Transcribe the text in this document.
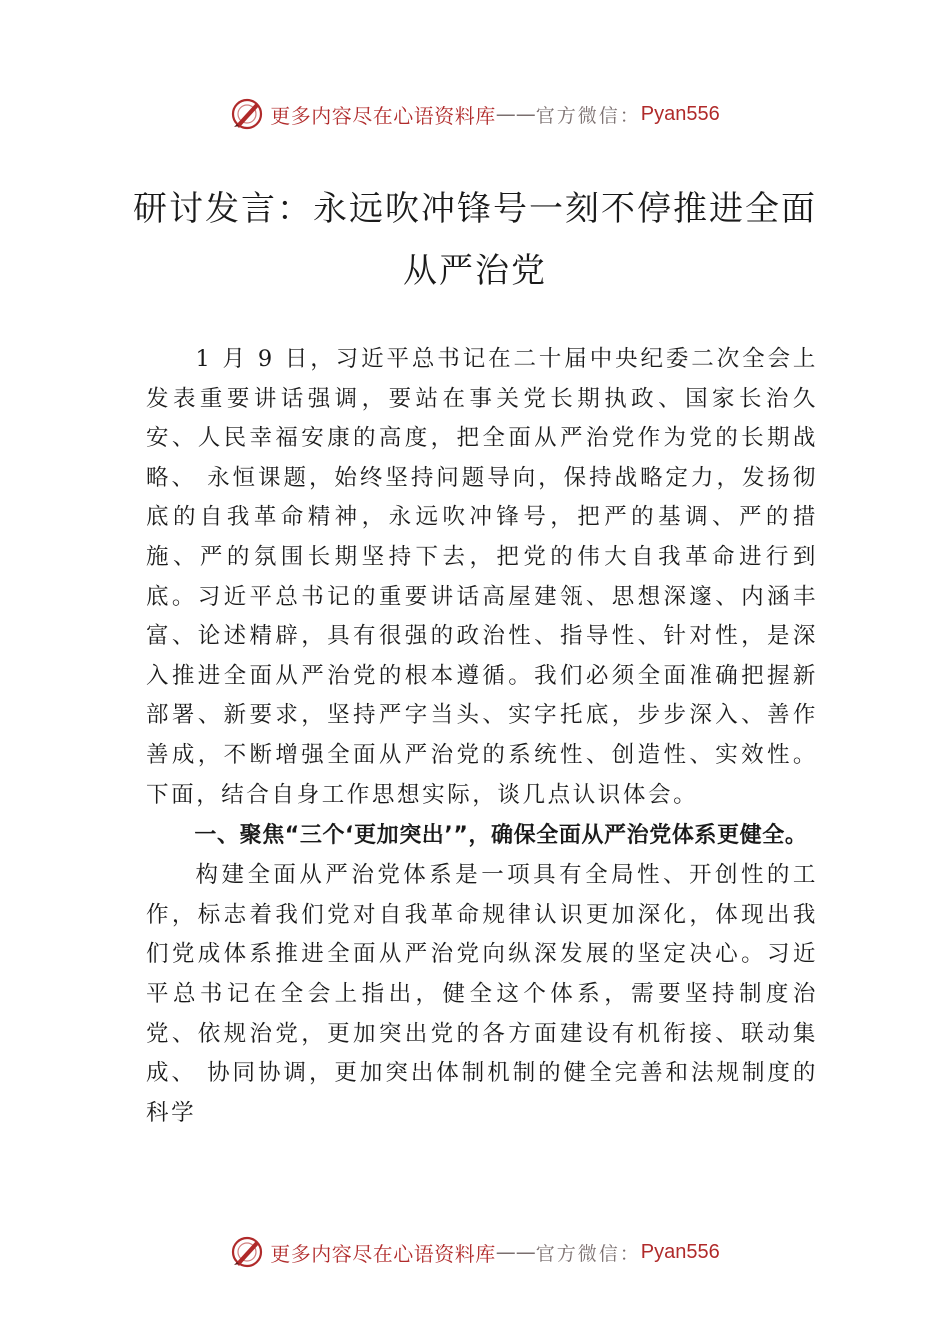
更多内容尽在心语资料库 —— 官方微信： Pyan556
研讨发言：永远吹冲锋号一刻不停推进全面从严治党

1 月 9 日，习近平总书记在二十届中央纪委二次全会上发表重要讲话强调，要站在事关党长期执政、国家长治久安、人民幸福安康的高度，把全面从严治党作为党的长期战略、 永恒课题，始终坚持问题导向，保持战略定力，发扬彻底的自我革命精神，永远吹冲锋号，把严的基调、严的措施、严的氛围长期坚持下去，把党的伟大自我革命进行到底。习近平总书记的重要讲话高屋建瓴、思想深邃、内涵丰富、论述精辟，具有很强的政治性、指导性、针对性，是深入推进全面从严治党的根本遵循。我们必须全面准确把握新部署、新要求，坚持严字当头、实字托底，步步深入、善作善成，不断增强全面从严治党的系统性、创造性、实效性。下面，结合自身工作思想实际，谈几点认识体会。

一、聚焦“三个‘更加突出’”，确保全面从严治党体系更健全。

构建全面从严治党体系是一项具有全局性、开创性的工作，标志着我们党对自我革命规律认识更加深化，体现出我们党成体系推进全面从严治党向纵深发展的坚定决心。习近平总书记在全会上指出，健全这个体系，需要坚持制度治党、依规治党，更加突出党的各方面建设有机衔接、联动集成、 协同协调，更加突出体制机制的健全完善和法规制度的科学

更多内容尽在心语资料库 —— 官方微信： Pyan556
